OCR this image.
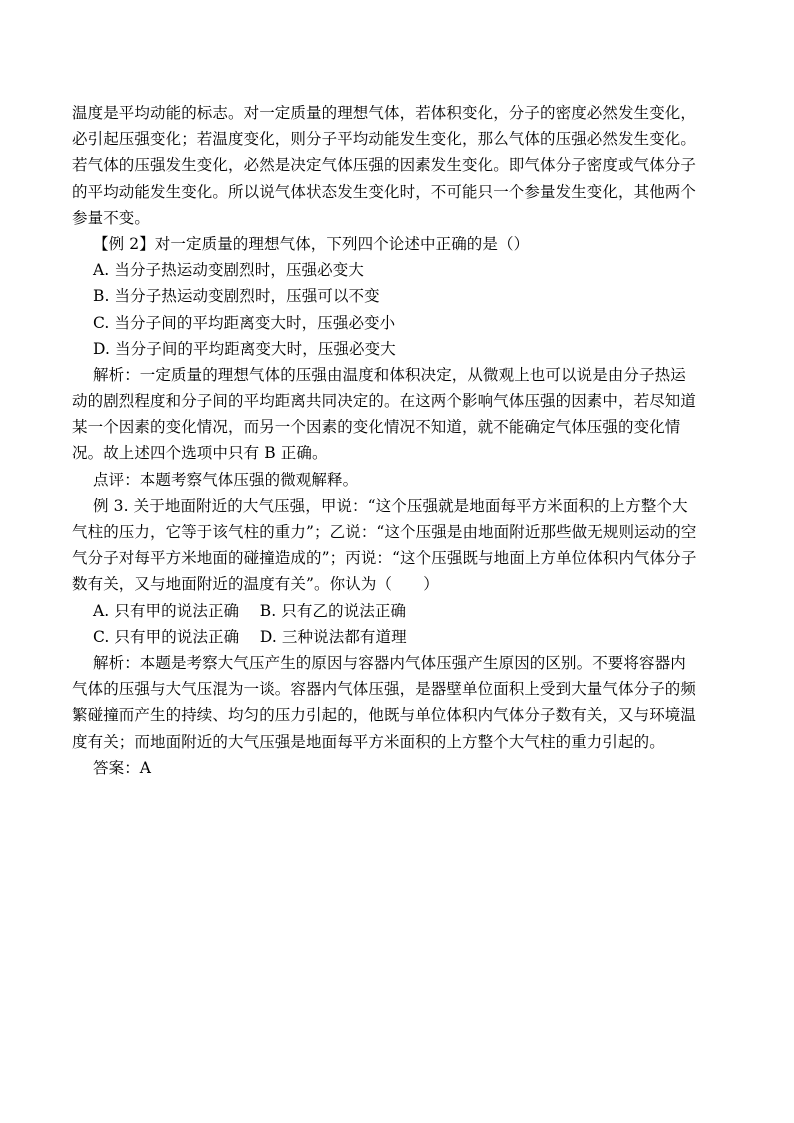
温度是平均动能的标志。对一定质量的理想气体，若体积变化，分子的密度必然发生变化，
必引起压强变化；若温度变化，则分子平均动能发生变化，那么气体的压强必然发生变化。
若气体的压强发生变化，必然是决定气体压强的因素发生变化。即气体分子密度或气体分子
的平均动能发生变化。所以说气体状态发生变化时，不可能只一个参量发生变化，其他两个
参量不变。
【例 2】对一定质量的理想气体，下列四个论述中正确的是（）
A. 当分子热运动变剧烈时，压强必变大
B. 当分子热运动变剧烈时，压强可以不变
C. 当分子间的平均距离变大时，压强必变小
D. 当分子间的平均距离变大时，压强必变大
解析：一定质量的理想气体的压强由温度和体积决定，从微观上也可以说是由分子热运
动的剧烈程度和分子间的平均距离共同决定的。在这两个影响气体压强的因素中，若尽知道
某一个因素的变化情况，而另一个因素的变化情况不知道，就不能确定气体压强的变化情
况。故上述四个选项中只有 B 正确。
点评：本题考察气体压强的微观解释。
例 3. 关于地面附近的大气压强，甲说：“这个压强就是地面每平方米面积的上方整个大
气柱的压力，它等于该气柱的重力”；乙说：“这个压强是由地面附近那些做无规则运动的空
气分子对每平方米地面的碰撞造成的”；丙说：“这个压强既与地面上方单位体积内气体分子
数有关，又与地面附近的温度有关”。你认为（　　）
A. 只有甲的说法正确　 B. 只有乙的说法正确
C. 只有甲的说法正确　 D. 三种说法都有道理
解析：本题是考察大气压产生的原因与容器内气体压强产生原因的区别。不要将容器内
气体的压强与大气压混为一谈。容器内气体压强，是器壁单位面积上受到大量气体分子的频
繁碰撞而产生的持续、均匀的压力引起的，他既与单位体积内气体分子数有关，又与环境温
度有关；而地面附近的大气压强是地面每平方米面积的上方整个大气柱的重力引起的。
答案：A
